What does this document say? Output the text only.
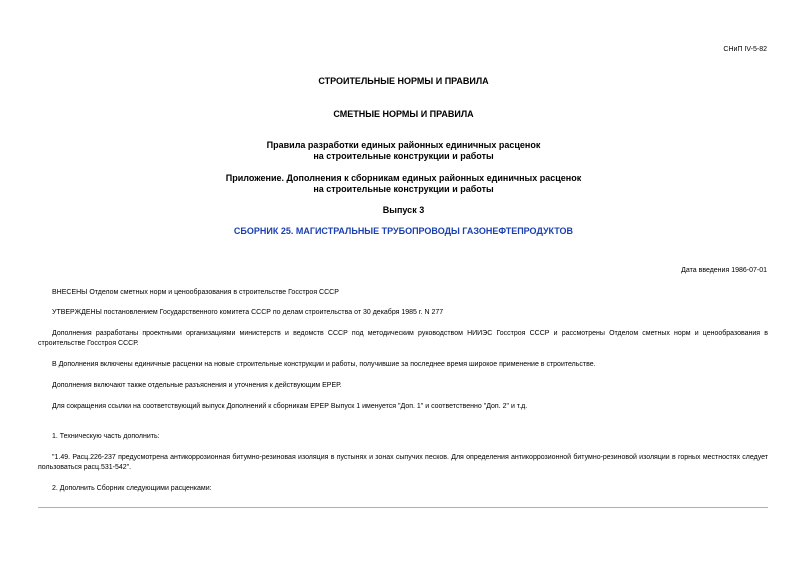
СНиП IV-5-82
СТРОИТЕЛЬНЫЕ НОРМЫ И ПРАВИЛА
СМЕТНЫЕ НОРМЫ И ПРАВИЛА
Правила разработки единых районных единичных расценок
на строительные конструкции и работы
Приложение. Дополнения к сборникам единых районных единичных расценок
на строительные конструкции и работы
Выпуск 3
СБОРНИК 25. МАГИСТРАЛЬНЫЕ ТРУБОПРОВОДЫ ГАЗОНЕФТЕПРОДУКТОВ
Дата введения 1986-07-01
ВНЕСЕНЫ Отделом сметных норм и ценообразования в строительстве Госстроя СССР
УТВЕРЖДЕНЫ постановлением Государственного комитета СССР по делам строительства от 30 декабря 1985 г. N 277
Дополнения разработаны проектными организациями министерств и ведомств СССР под методическим руководством НИИЭС Госстроя СССР и рассмотрены Отделом сметных норм и ценообразования в строительстве Госстроя СССР.
В Дополнения включены единичные расценки на новые строительные конструкции и работы, получившие за последнее время широкое применение в строительстве.
Дополнения включают также отдельные разъяснения и уточнения к действующим ЕРЕР.
Для сокращения ссылки на соответствующий выпуск Дополнений к сборникам ЕРЕР Выпуск 1 именуется "Доп. 1" и соответственно "Доп. 2" и т.д.
1. Техническую часть дополнить:
"1.49. Расц.226-237 предусмотрена антикоррозионная битумно-резиновая изоляция в пустынях и зонах сыпучих песков. Для определения антикоррозионной битумно-резиновой изоляции в горных местностях следует пользоваться расц.531-542".
2. Дополнить Сборник следующими расценками:
